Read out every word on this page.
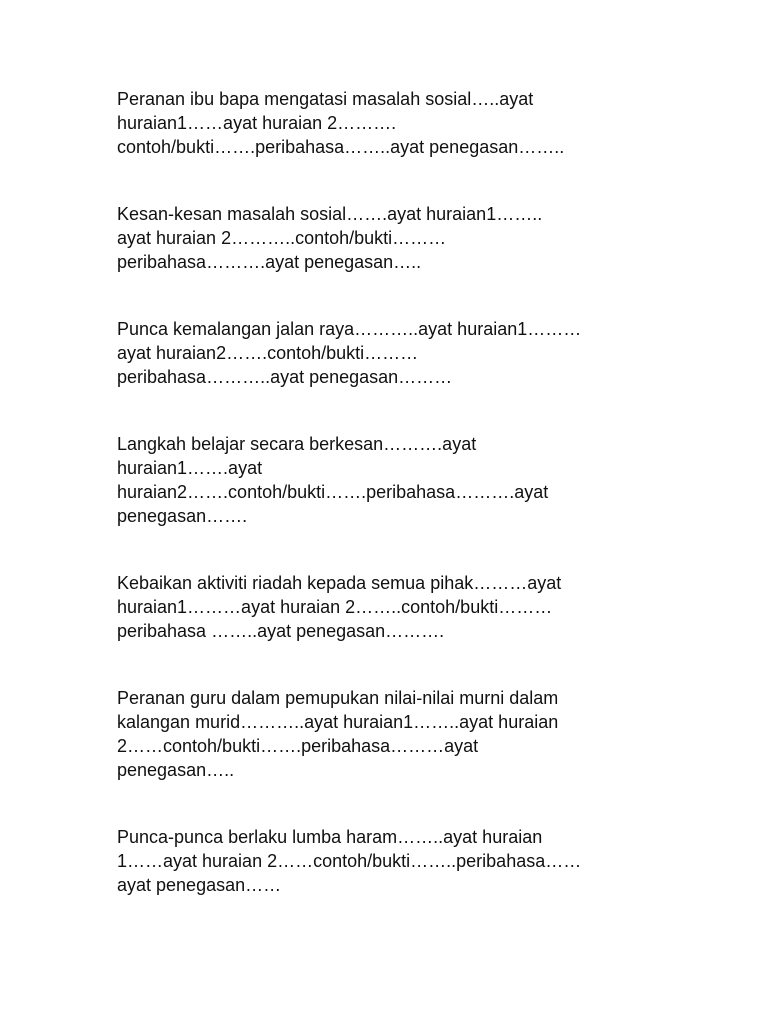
Peranan ibu bapa mengatasi masalah sosial…..ayat
huraian1……ayat huraian 2……….
contoh/bukti…….peribahasa……..ayat penegasan……..

Kesan-kesan masalah sosial…….ayat huraian1……..
ayat huraian 2………..contoh/bukti………
peribahasa……….ayat penegasan…..

Punca kemalangan jalan raya………..ayat huraian1………
ayat huraian2…….contoh/bukti………
peribahasa………..ayat penegasan………

Langkah belajar secara berkesan……….ayat
huraian1…….ayat
huraian2…….contoh/bukti…….peribahasa……….ayat
penegasan…….

Kebaikan aktiviti riadah kepada semua pihak………ayat
huraian1………ayat huraian 2……..contoh/bukti………
peribahasa ……..ayat penegasan……….

Peranan guru dalam pemupukan nilai-nilai murni dalam
kalangan murid………..ayat huraian1……..ayat huraian
2……contoh/bukti…….peribahasa………ayat
penegasan…..

Punca-punca berlaku lumba haram……..ayat huraian
1……ayat huraian 2……contoh/bukti……..peribahasa……
ayat penegasan……
